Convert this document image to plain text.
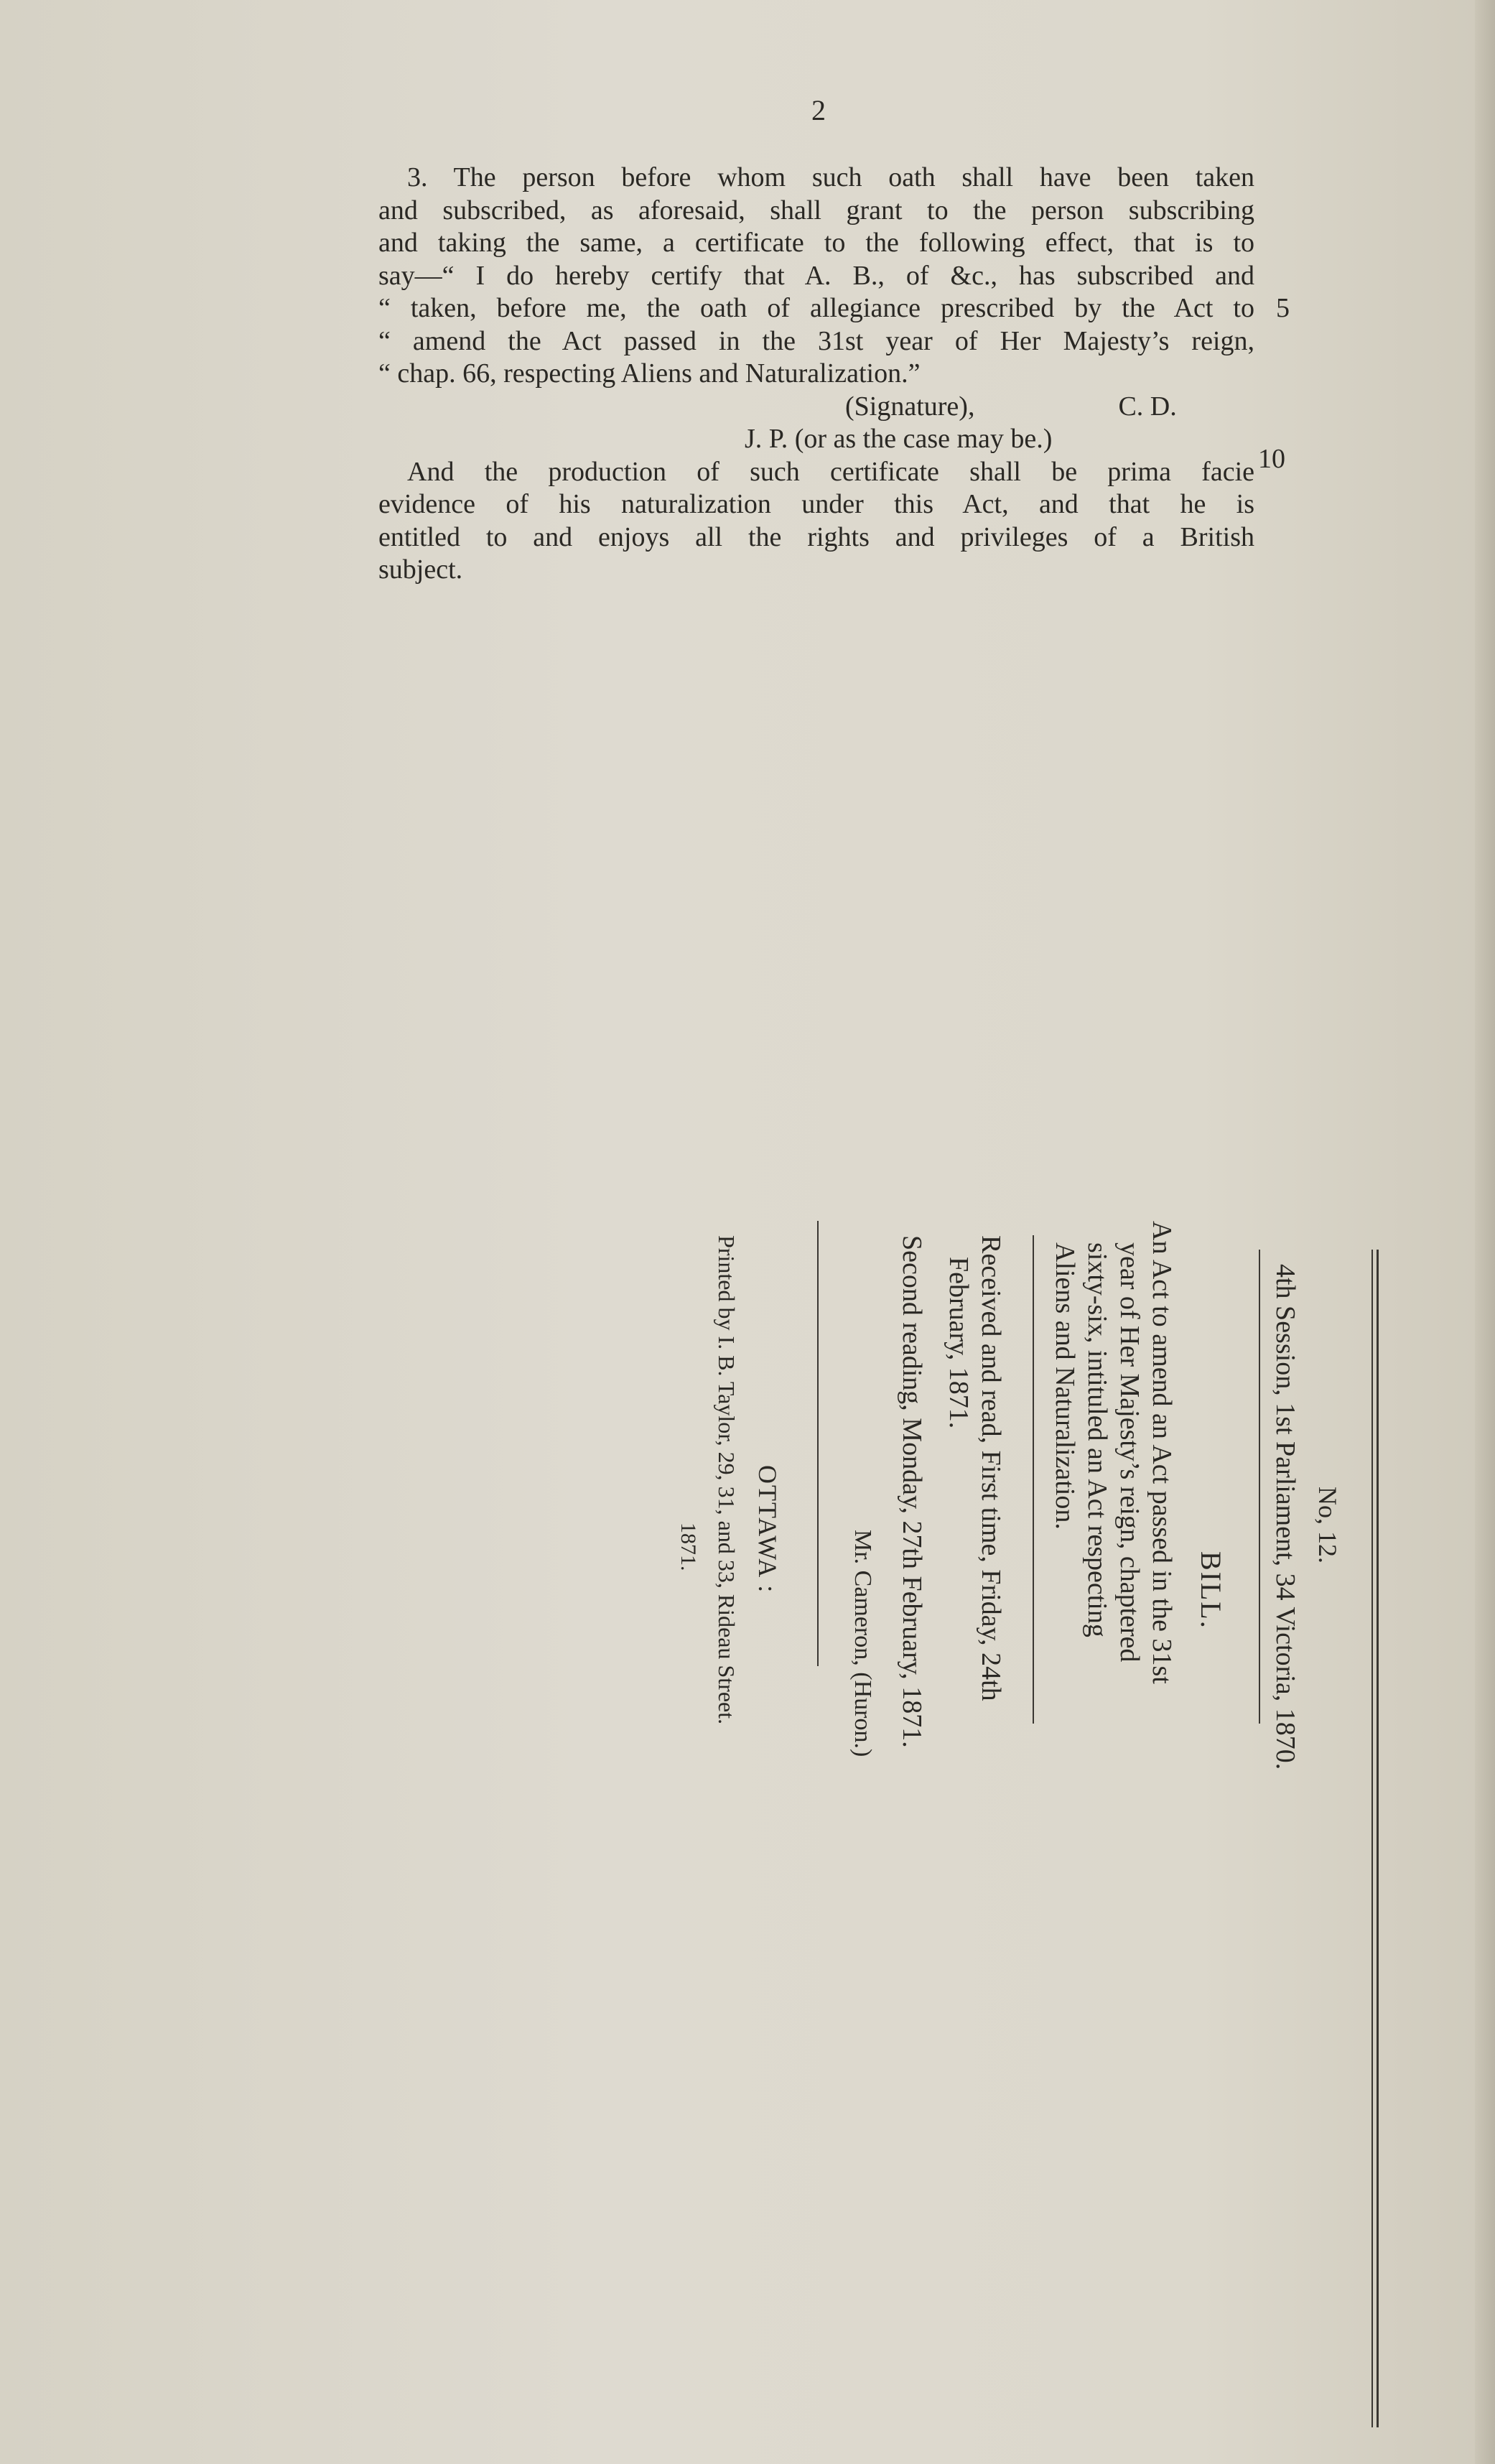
2
3. The person before whom such oath shall have been taken
and subscribed, as aforesaid, shall grant to the person subscribing
and taking the same, a certificate to the following effect, that is to
say—“ I do hereby certify that A. B., of &c., has subscribed and
“ taken, before me, the oath of allegiance prescribed by the Act to
“ amend the Act passed in the 31st year of Her Majesty’s reign,
“ chap. 66, respecting Aliens and Naturalization.”
(Signature),	C. D.
J. P. (or as the case may be.)
And the production of such certificate shall be prima facie
evidence of his naturalization under this Act, and that he is
entitled to and enjoys all the rights and privileges of a British
subject.
5
10
No, 12.
4th Session, 1st Parliament, 34 Victoria, 1870.
BILL.
An Act to amend an Act passed in the 31st
year of Her Majesty’s reign, chaptered
sixty-six, intituled an Act respecting
Aliens and Naturalization.
Received and read, First time, Friday, 24th
February, 1871.
Second reading, Monday, 27th February, 1871.
Mr. Cameron, (Huron.)
OTTAWA :
Printed by I. B. Taylor, 29, 31, and 33, Rideau Street.
1871.
